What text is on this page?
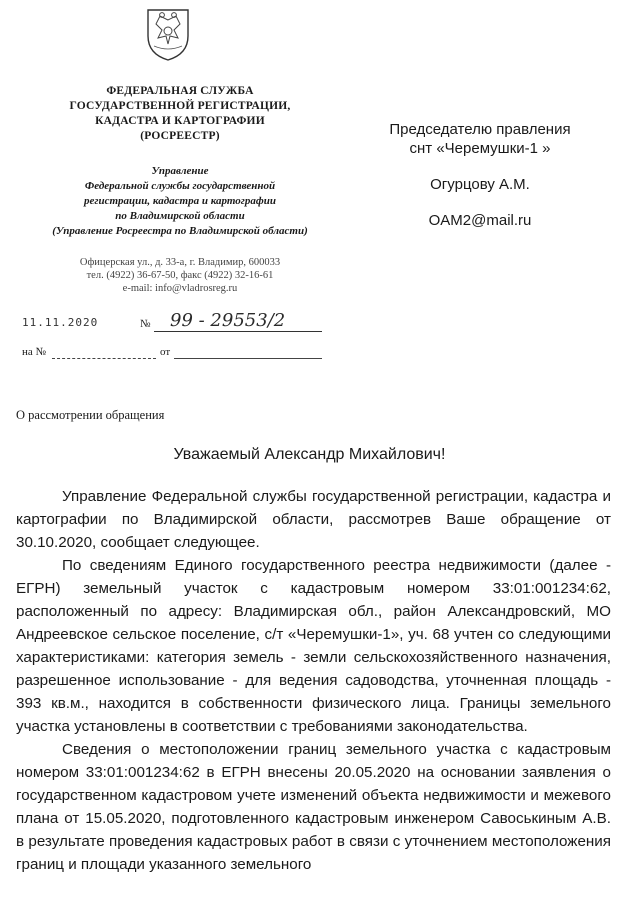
ФЕДЕРАЛЬНАЯ СЛУЖБА
ГОСУДАРСТВЕННОЙ РЕГИСТРАЦИИ,
КАДАСТРА И КАРТОГРАФИИ
(РОСРЕЕСТР)
Управление
Федеральной службы государственной
регистрации, кадастра и картографии
по Владимирской области
(Управление Росреестра по Владимирской области)
Офицерская ул., д. 33-а, г. Владимир, 600033
тел. (4922) 36-67-50, факс (4922) 32-16-61
e-mail: info@vladrosreg.ru
11.11.2020	№ 99 - 29553/2
на №	от
Председателю правления
снт «Черемушки-1 »
Огурцову А.М.
OAM2@mail.ru
О рассмотрении обращения
Уважаемый Александр Михайлович!

Управление Федеральной службы государственной регистрации, кадастра и картографии по Владимирской области, рассмотрев Ваше обращение от 30.10.2020, сообщает следующее.

По сведениям Единого государственного реестра недвижимости (далее - ЕГРН) земельный участок с кадастровым номером 33:01:001234:62, расположенный по адресу: Владимирская обл., район Александровский, МО Андреевское сельское поселение, с/т «Черемушки-1», уч. 68 учтен со следующими характеристиками: категория земель - земли сельскохозяйственного назначения, разрешенное использование - для ведения садоводства, уточненная площадь - 393 кв.м., находится в собственности физического лица. Границы земельного участка установлены в соответствии с требованиями законодательства.

Сведения о местоположении границ земельного участка с кадастровым номером 33:01:001234:62 в ЕГРН внесены 20.05.2020 на основании заявления о государственном кадастровом учете изменений объекта недвижимости и межевого плана от 15.05.2020, подготовленного кадастровым инженером Савоськиным А.В. в результате проведения кадастровых работ в связи с уточнением местоположения границ и площади указанного земельного
